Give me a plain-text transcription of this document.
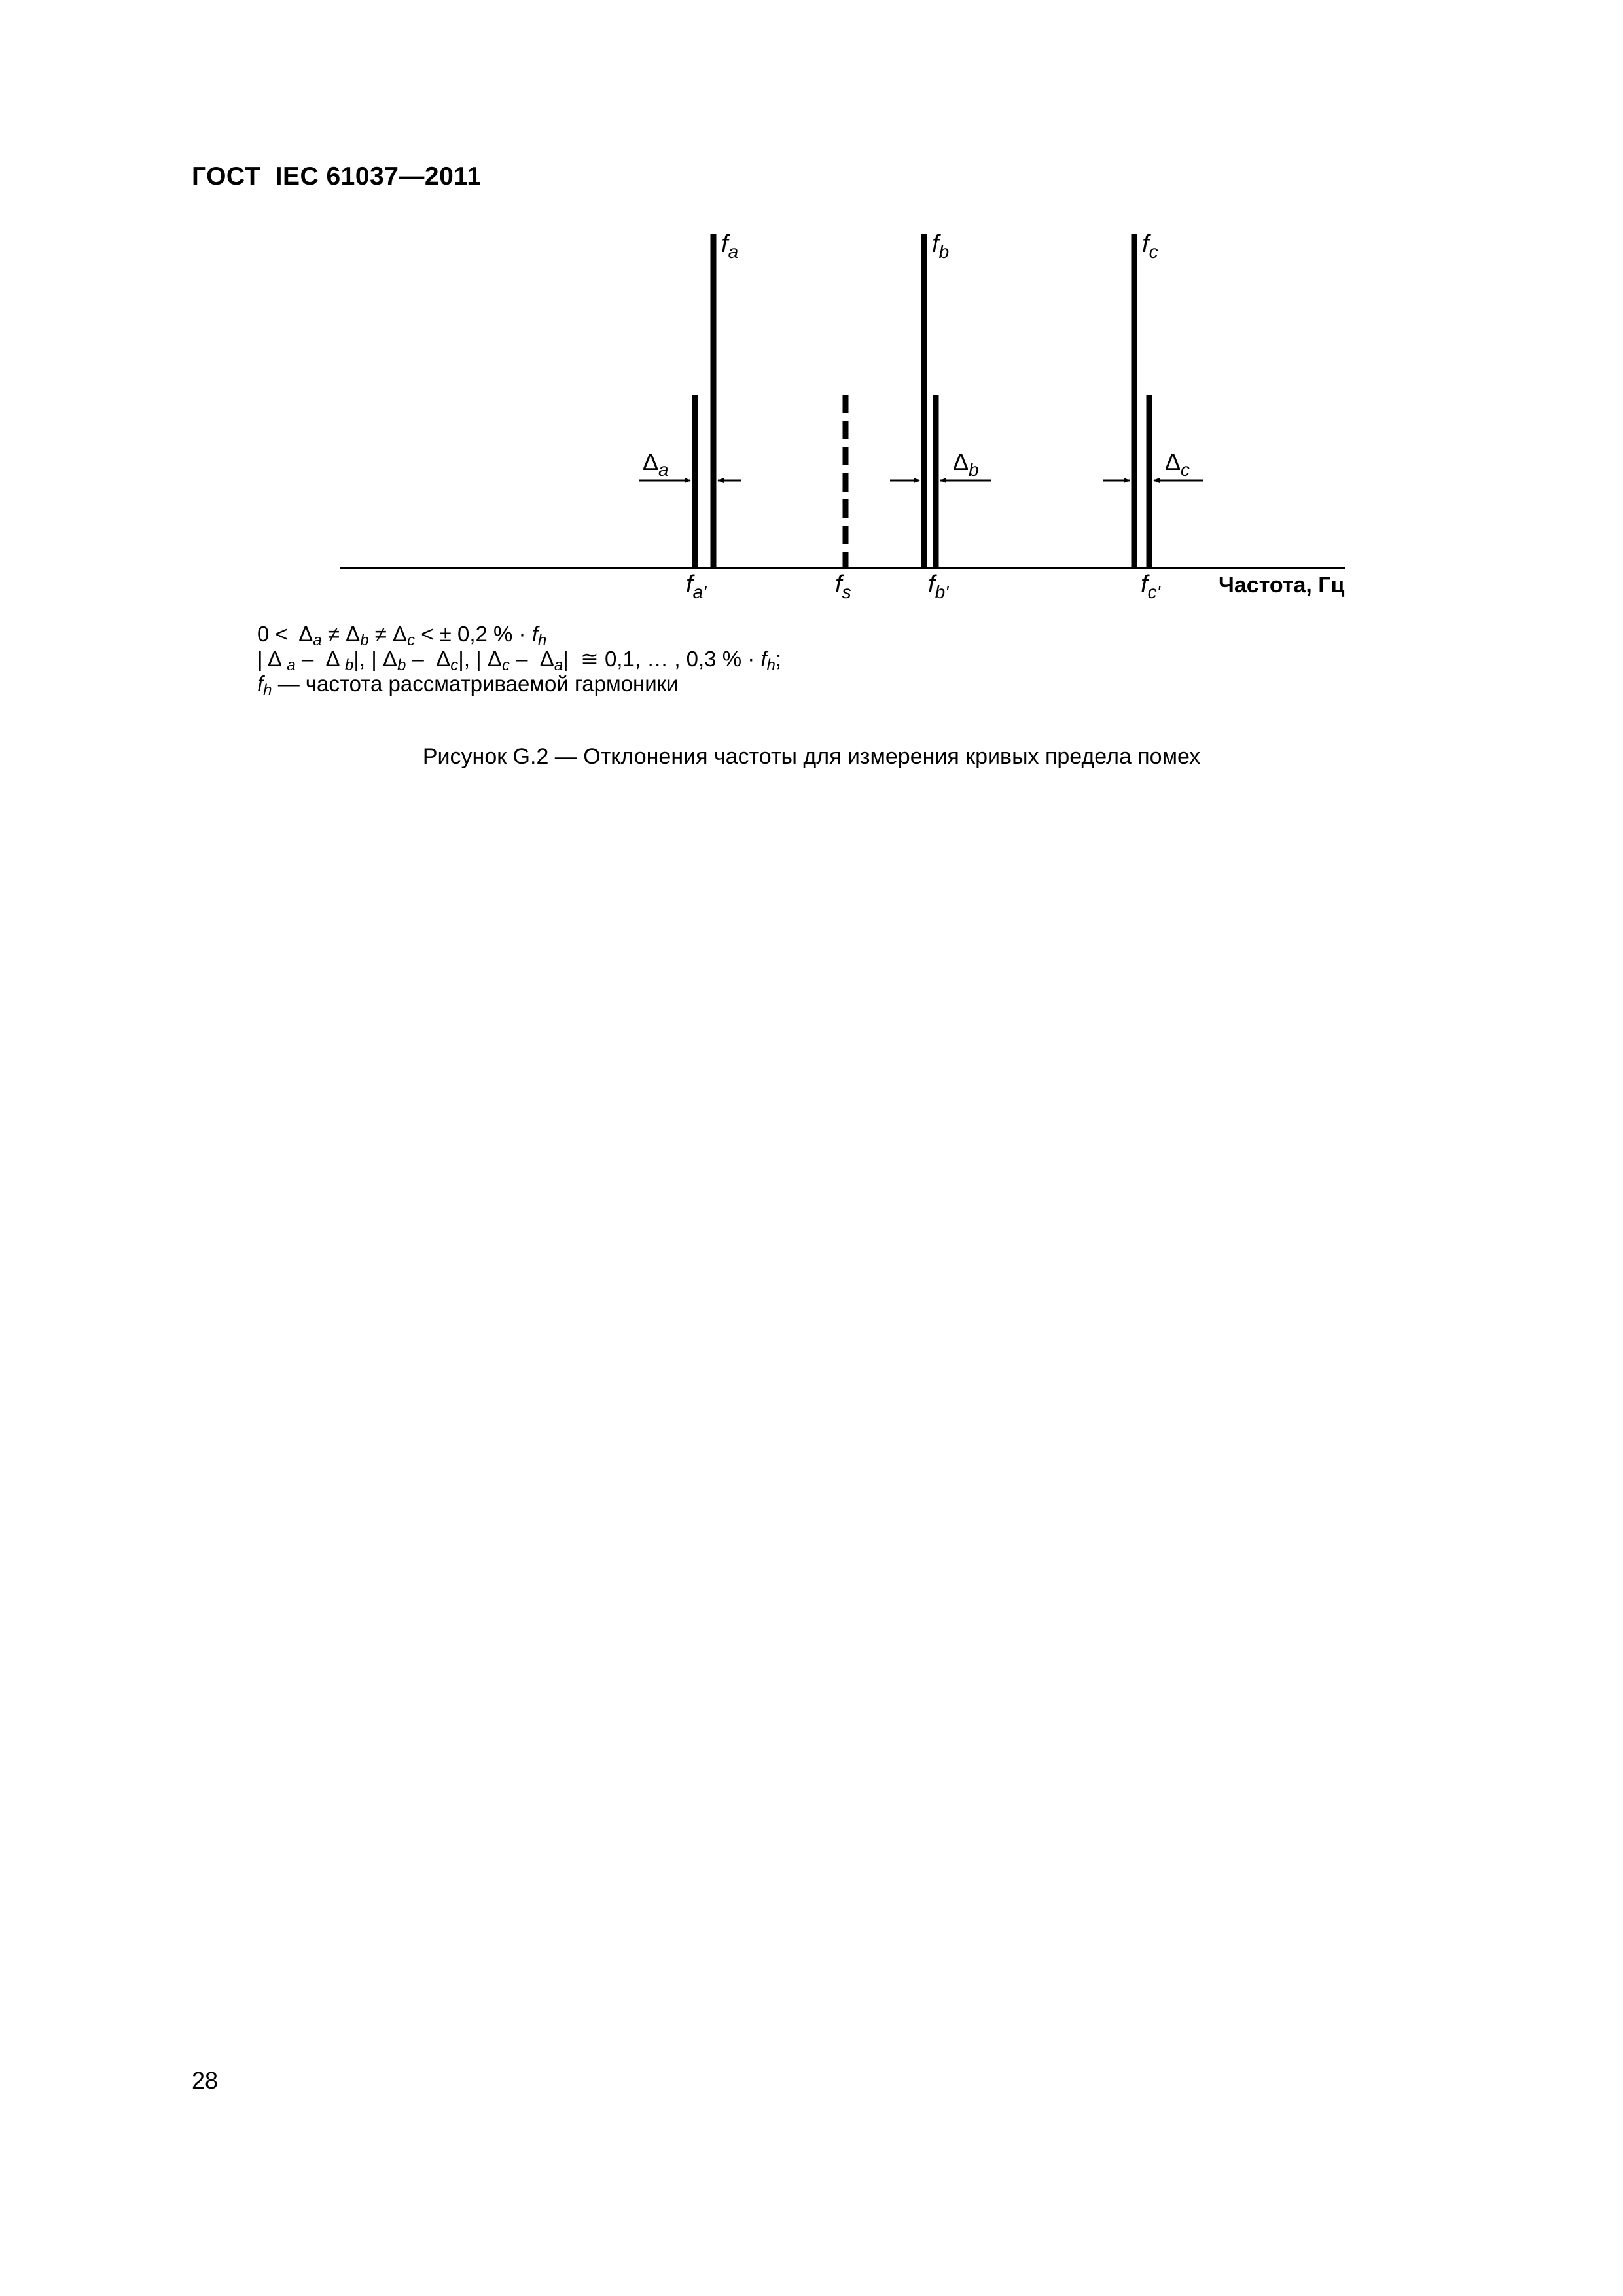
ГОСТ  IEC 61037—2011
fa	fb	fc
Δa	Δb	Δc
fa'	fs	fb'	fc'	Частота, Гц
$0 < \Delta_a \ne \Delta_b \ne \Delta_c$ < ± 0,2 % · $f_h$
| Δ $_a$ –  Δ $_b$|, | $\Delta_b - \Delta_c|$, | $\Delta_c - \Delta_a|$  ≅ 0,1, … , 0,3 % · $f_h$;
$f_h$ — частота рассматриваемой гармоники
Рисунок G.2 — Отклонения частоты для измерения кривых предела помех
28
